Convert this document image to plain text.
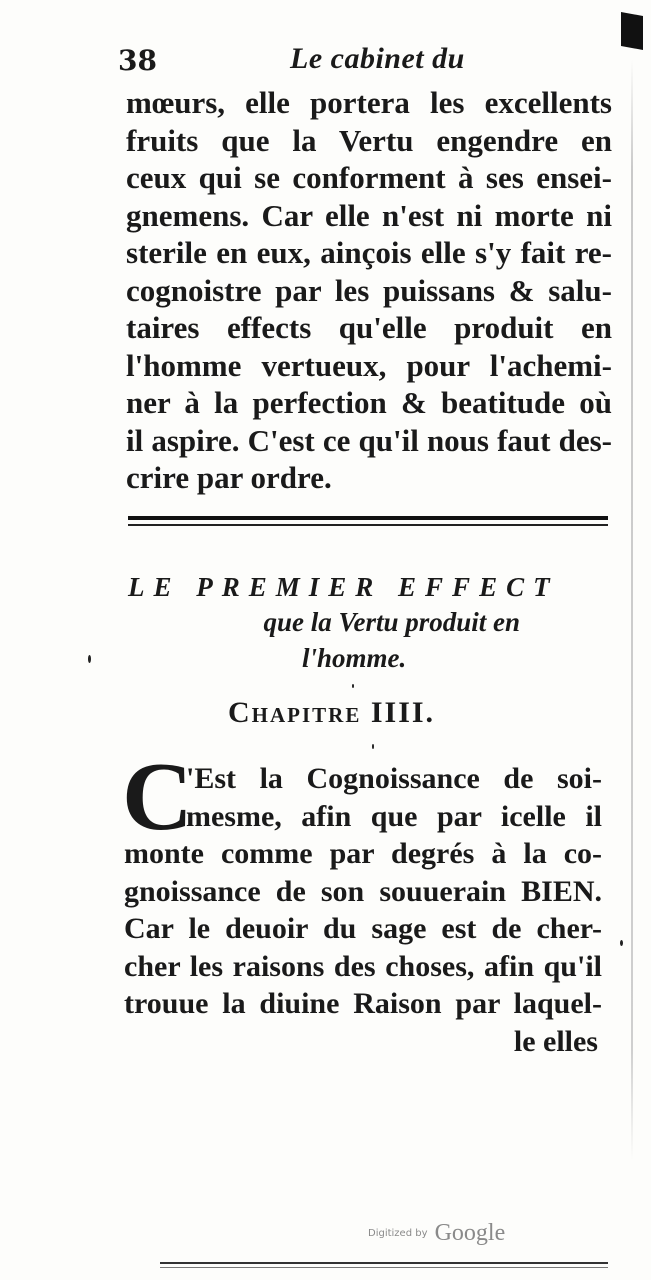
38	Le cabinet du
mœurs, elle portera les excellents
fruits que la Vertu engendre en
ceux qui se conforment à ses ensei-
gnemens. Car elle n'est ni morte ni
sterile en eux, ainçois elle s'y fait re-
cognoistre par les puissans & salu-
taires effects qu'elle produit en
l'homme vertueux, pour l'achemi-
ner à la perfection & beatitude où
il aspire. C'est ce qu'il nous faut des-
crire par ordre.
LE PREMIER EFFECT
que la Vertu produit en
l'homme.
Chapitre IIII.
C
'Est la Cognoissance de soi-
mesme, afin que par icelle il
monte comme par degrés à la co-
gnoissance de son souuerain BIEN.
Car le deuoir du sage est de cher-
cher les raisons des choses, afin qu'il
trouue la diuine Raison par laquel-
le elles
Digitized by Google
